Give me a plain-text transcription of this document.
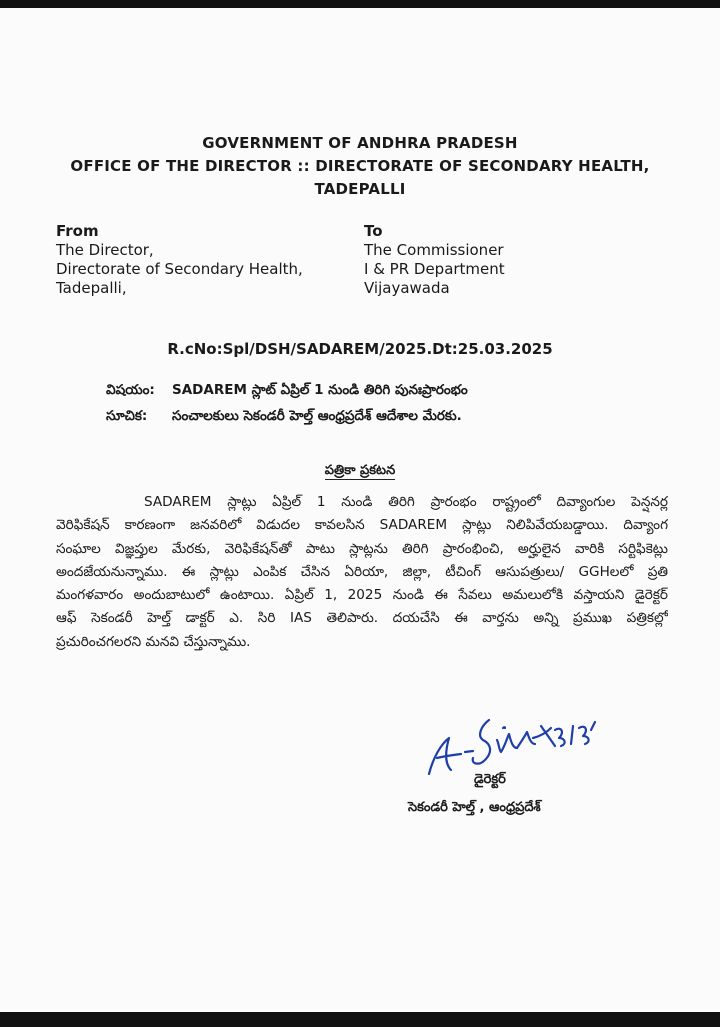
GOVERNMENT OF ANDHRA PRADESH
OFFICE OF THE DIRECTOR :: DIRECTORATE OF SECONDARY HEALTH,
TADEPALLI
From
The Director,
Directorate of Secondary Health,
Tadepalli,
To
The Commissioner
I & PR Department
Vijayawada
R.cNo:Spl/DSH/SADAREM/2025.Dt:25.03.2025
విషయం: SADAREM స్లాట్ ఏప్రిల్ 1 నుండి తిరిగి పునఃప్రారంభం
సూచిక: సంచాలకులు సెకండరీ హెల్త్ ఆంధ్రప్రదేశ్ ఆదేశాల మేరకు.
పత్రికా ప్రకటన
SADAREM స్లాట్లు ఏప్రిల్ 1 నుండి తిరిగి ప్రారంభం రాష్ట్రంలో దివ్యాంగుల పెన్షనర్ల
వెరిఫికేషన్ కారణంగా జనవరిలో విడుదల కావలసిన SADAREM స్లాట్లు నిలిపివేయబడ్డాయి. దివ్యాంగ
సంఘాల విజ్ఞప్తుల మేరకు, వెరిఫికేషన్‌తో పాటు స్లాట్లను తిరిగి ప్రారంభించి, అర్హులైన వారికి సర్టిఫికెట్లు
అందజేయనున్నాము. ఈ స్లాట్లు ఎంపిక చేసిన ఏరియా, జిల్లా, టీచింగ్ ఆసుపత్రులు/ GGHలలో ప్రతి
మంగళవారం అందుబాటులో ఉంటాయి. ఏప్రిల్ 1, 2025 నుండి ఈ సేవలు అమలులోకి వస్తాయని డైరెక్టర్
ఆఫ్ సెకండరీ హెల్త్ డాక్టర్ ఎ. సిరి IAS తెలిపారు. దయచేసి ఈ వార్తను అన్ని ప్రముఖ పత్రికల్లో
ప్రచురించగలరని మనవి చేస్తున్నాము.
డైరెక్టర్
సెకండరీ హెల్త్ , ఆంధ్రప్రదేశ్
